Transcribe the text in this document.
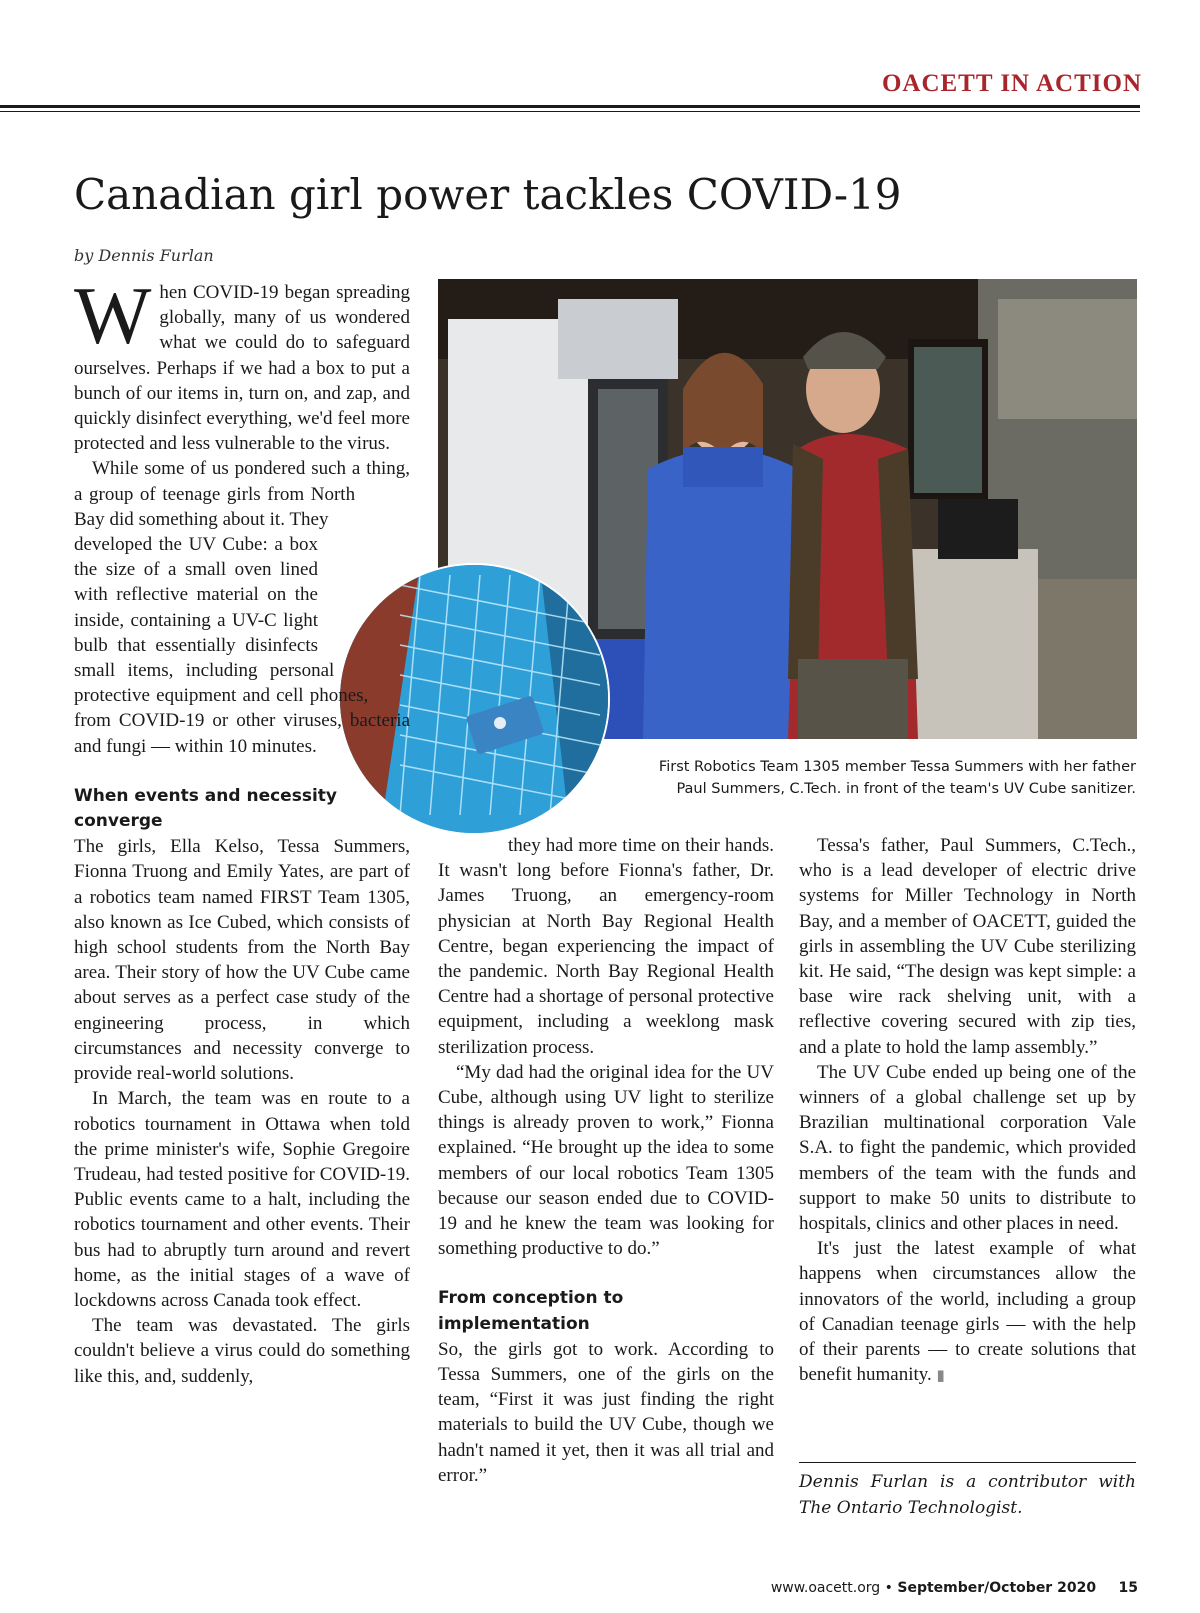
OACETT IN ACTION
Canadian girl power tackles COVID-19
by Dennis Furlan
First Robotics Team 1305 member Tessa Summers with her father
Paul Summers, C.Tech. in front of the team's UV Cube sanitizer.

When COVID-19 began spreading globally, many of us wondered what we could do to safeguard ourselves. Perhaps if we had a box to put a bunch of our items in, turn on, and zap, and quickly disinfect everything, we'd feel more protected and less vulnerable to the virus.

While some of us pondered such a thing, a group of teenage girls from North Bay did something about it. They developed the UV Cube: a box the size of a small oven lined with reflective material on the inside, containing a UV-C light bulb that essentially disinfects small items, including personal protective equipment and cell phones, from COVID-19 or other viruses, bacteria and fungi — within 10 minutes.

When events and necessity converge

The girls, Ella Kelso, Tessa Summers, Fionna Truong and Emily Yates, are part of a robotics team named FIRST Team 1305, also known as Ice Cubed, which consists of high school students from the North Bay area. Their story of how the UV Cube came about serves as a perfect case study of the engineering process, in which circumstances and necessity converge to provide real-world solutions.

In March, the team was en route to a robotics tournament in Ottawa when told the prime minister's wife, Sophie Gregoire Trudeau, had tested positive for COVID-19. Public events came to a halt, including the robotics tournament and other events. Their bus had to abruptly turn around and revert home, as the initial stages of a wave of lockdowns across Canada took effect.

The team was devastated. The girls couldn't believe a virus could do something like this, and, suddenly,

they had more time on their hands. It wasn't long before Fionna's father, Dr. James Truong, an emergency-room physician at North Bay Regional Health Centre, began experiencing the impact of the pandemic. North Bay Regional Health Centre had a shortage of personal protective equipment, including a weeklong mask sterilization process.

“My dad had the original idea for the UV Cube, although using UV light to sterilize things is already proven to work,” Fionna explained. “He brought up the idea to some members of our local robotics Team 1305 because our season ended due to COVID-19 and he knew the team was looking for something productive to do.”

From conception to implementation

So, the girls got to work. According to Tessa Summers, one of the girls on the team, “First it was just finding the right materials to build the UV Cube, though we hadn't named it yet, then it was all trial and error.”

Tessa's father, Paul Summers, C.Tech., who is a lead developer of electric drive systems for Miller Technology in North Bay, and a member of OACETT, guided the girls in assembling the UV Cube sterilizing kit. He said, “The design was kept simple: a base wire rack shelving unit, with a reflective covering secured with zip ties, and a plate to hold the lamp assembly.”

The UV Cube ended up being one of the winners of a global challenge set up by Brazilian multinational corporation Vale S.A. to fight the pandemic, which provided members of the team with the funds and support to make 50 units to distribute to hospitals, clinics and other places in need.

It's just the latest example of what happens when circumstances allow the innovators of the world, including a group of Canadian teenage girls — with the help of their parents — to create solutions that benefit humanity. ▮

Dennis Furlan is a contributor with The Ontario Technologist.
www.oacett.org • September/October 2020 15
